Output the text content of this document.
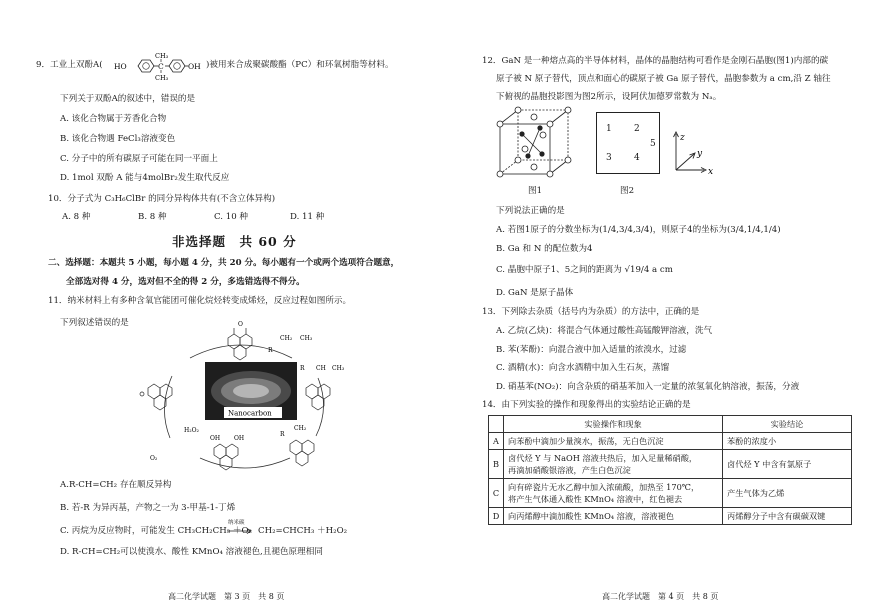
9．工业上双酚A( HO	C
CH₃
CH₃
OH )被用来合成聚碳酸酯（PC）和环氧树脂等材料。
下列关于双酚A的叙述中，错误的是
A. 该化合物属于芳香化合物
B. 该化合物遇 FeCl₃溶液变色
C. 分子中的所有碳原子可能在同一平面上
D. 1mol 双酚 A 能与4molBr₂发生取代反应
10．分子式为 C₃H₆ClBr 的同分异构体共有(不含立体异构)
A. 8 种	B. 8 种	C. 10 种	D. 11 种
非选择题　共 60 分
二、选择题：本题共 5 小题，每小题 4 分，共 20 分。每小题有一个或两个选项符合题意，
全部选对得 4 分，选对但不全的得 2 分，多选错选得不得分。
11．纳米材料上有多种含氧官能团可催化烷烃转变成烯烃，反应过程如图所示。
下列叙述错误的是	O
CH₂ CH₃
R
R CH CH₃
R
CH₂
OH OH
O₂
H₂O₂
Nanocarbon
A.R-CH=CH₂ 存在顺反异构
B. 若-R 为异丙基，产物之一为 3-甲基-1-丁烯
C. 丙烷为反应物时，可能发生 CH₃CH₂CH₃ ＋O₂
纳米碳
→ CH₂=CHCH₃ ＋H₂O₂
D. R-CH=CH₂可以使溴水、酸性 KMnO₄ 溶液褪色,且褪色原理相同
高二化学试题　第 3 页　共 8 页
12．GaN 是一种熔点高的半导体材料，晶体的晶胞结构可看作是金刚石晶胞(图1)内部的碳
原子被 N 原子替代，顶点和面心的碳原子被 Ga 原子替代，晶胞参数为 a cm,沿 Z 轴往
下俯视的晶胞投影图为图2所示，设阿伏加德罗常数为 Nₐ。
图1
1 2
3 4
5
图2
z
y
x
下列说法正确的是
A. 若图1原子的分数坐标为(1/4,3/4,3/4)，则原子4的坐标为(3/4,1/4,1/4)
B. Ga 和 N 的配位数为4
C. 晶胞中原子1、5之间的距离为 √19/4 a cm
D. GaN 是原子晶体
13．下列除去杂质（括号内为杂质）的方法中，正确的是
A. 乙烷(乙炔)：将混合气体通过酸性高锰酸钾溶液，洗气
B. 苯(苯酚)：向混合液中加入适量的浓溴水，过滤
C. 酒精(水)：向含水酒精中加入生石灰，蒸馏
D. 硝基苯(NO₂)：向含杂质的硝基苯加入一定量的浓氢氧化钠溶液，振荡，分液
14．由下列实验的操作和现象得出的实验结论正确的是
	实验操作和现象	实验结论
A	向苯酚中滴加少量溴水，振荡，无白色沉淀	苯酚的浓度小
B	卤代烃 Y 与 NaOH 溶液共热后，加入足量稀硝酸，
再滴加硝酸银溶液，产生白色沉淀	卤代烃 Y 中含有氯原子
C	向有碎瓷片无水乙醇中加入浓硫酸，加热至 170℃，
将产生气体通入酸性 KMnO₄ 溶液中，红色褪去	产生气体为乙烯
D	向丙烯醇中滴加酸性 KMnO₄ 溶液，溶液褪色	丙烯醇分子中含有碳碳双键
高二化学试题　第 4 页　共 8 页
